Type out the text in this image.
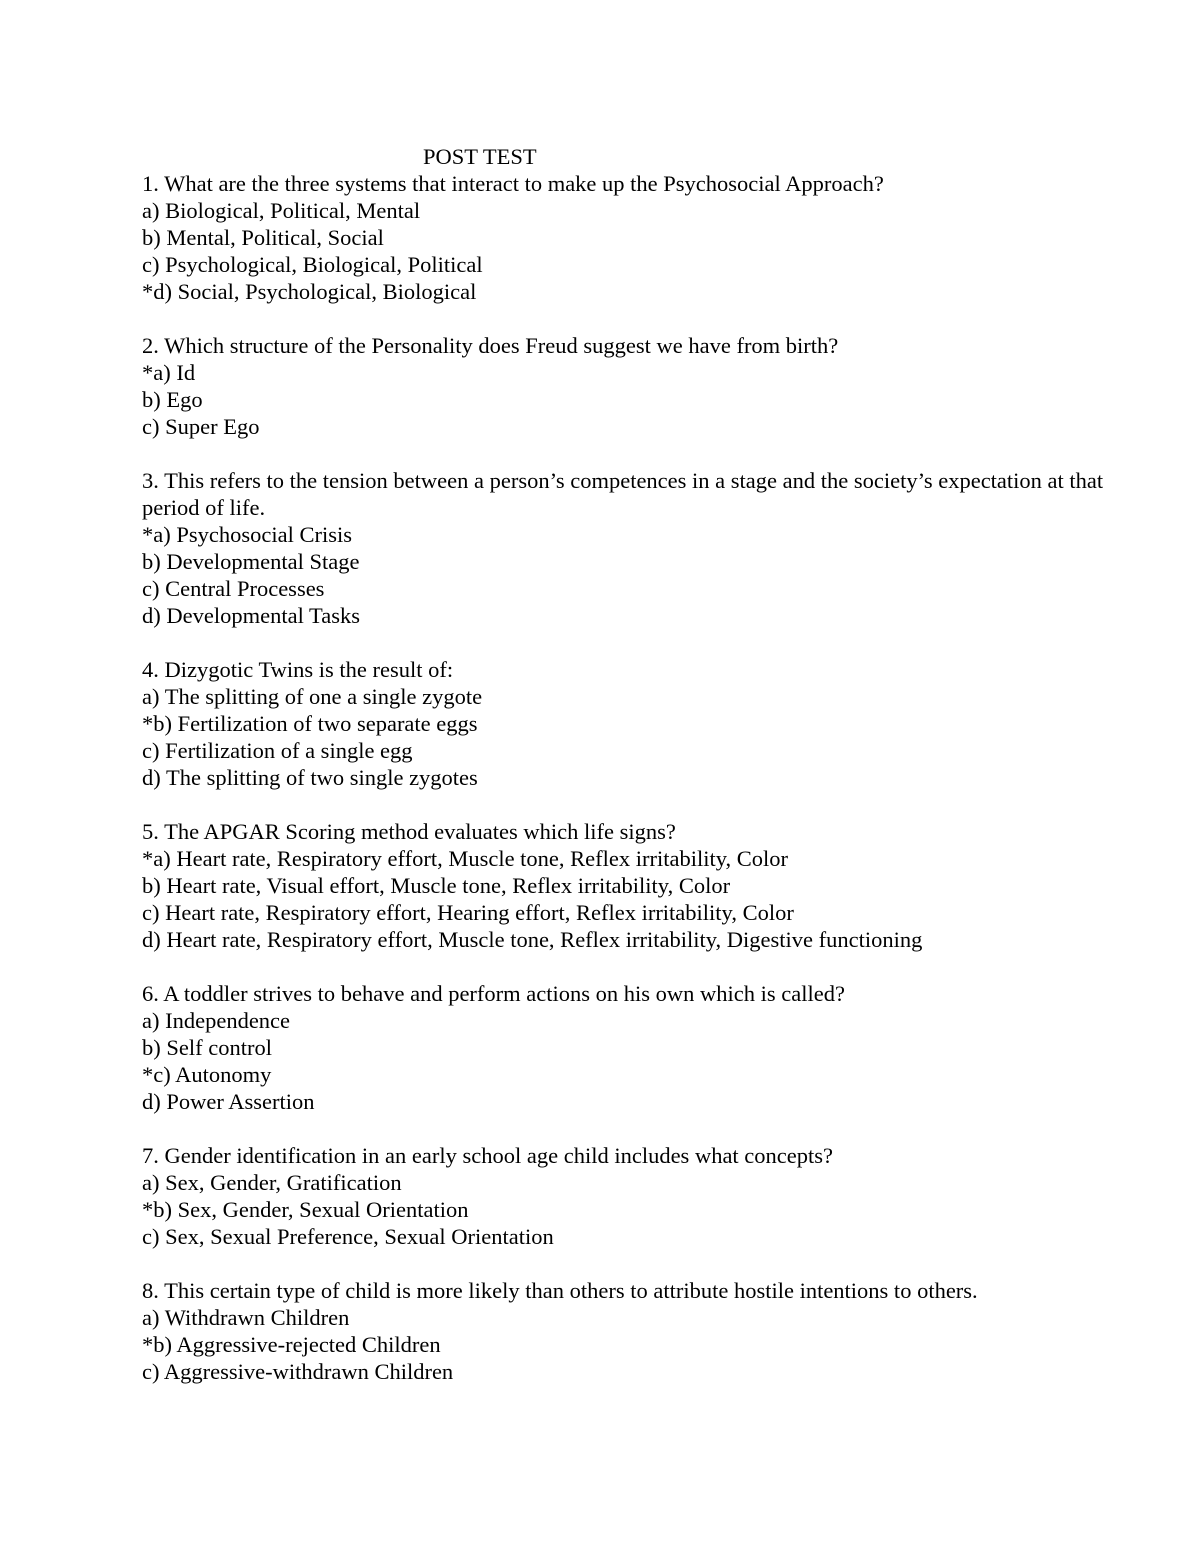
POST TEST

1. What are the three systems that interact to make up the Psychosocial Approach?

a) Biological, Political, Mental

b) Mental, Political, Social

c) Psychological, Biological, Political

*d) Social, Psychological, Biological

2. Which structure of the Personality does Freud suggest we have from birth?

*a) Id

b) Ego

c) Super Ego

3. This refers to the tension between a person’s competences in a stage and the society’s expectation at that period of life.

*a) Psychosocial Crisis

b) Developmental Stage

c) Central Processes

d) Developmental Tasks

4. Dizygotic Twins is the result of:

a) The splitting of one a single zygote

*b) Fertilization of two separate eggs

c) Fertilization of a single egg

d) The splitting of two single zygotes

5. The APGAR Scoring method evaluates which life signs?

*a) Heart rate, Respiratory effort, Muscle tone, Reflex irritability, Color

b) Heart rate, Visual effort, Muscle tone, Reflex irritability, Color

c) Heart rate, Respiratory effort, Hearing effort, Reflex irritability, Color

d) Heart rate, Respiratory effort, Muscle tone, Reflex irritability, Digestive functioning

6. A toddler strives to behave and perform actions on his own which is called?

a) Independence

b) Self control

*c) Autonomy

d) Power Assertion

7. Gender identification in an early school age child includes what concepts?

a) Sex, Gender, Gratification

*b) Sex, Gender, Sexual Orientation

c) Sex, Sexual Preference, Sexual Orientation

8. This certain type of child is more likely than others to attribute hostile intentions to others.

a) Withdrawn Children

*b) Aggressive-rejected Children

c) Aggressive-withdrawn Children
